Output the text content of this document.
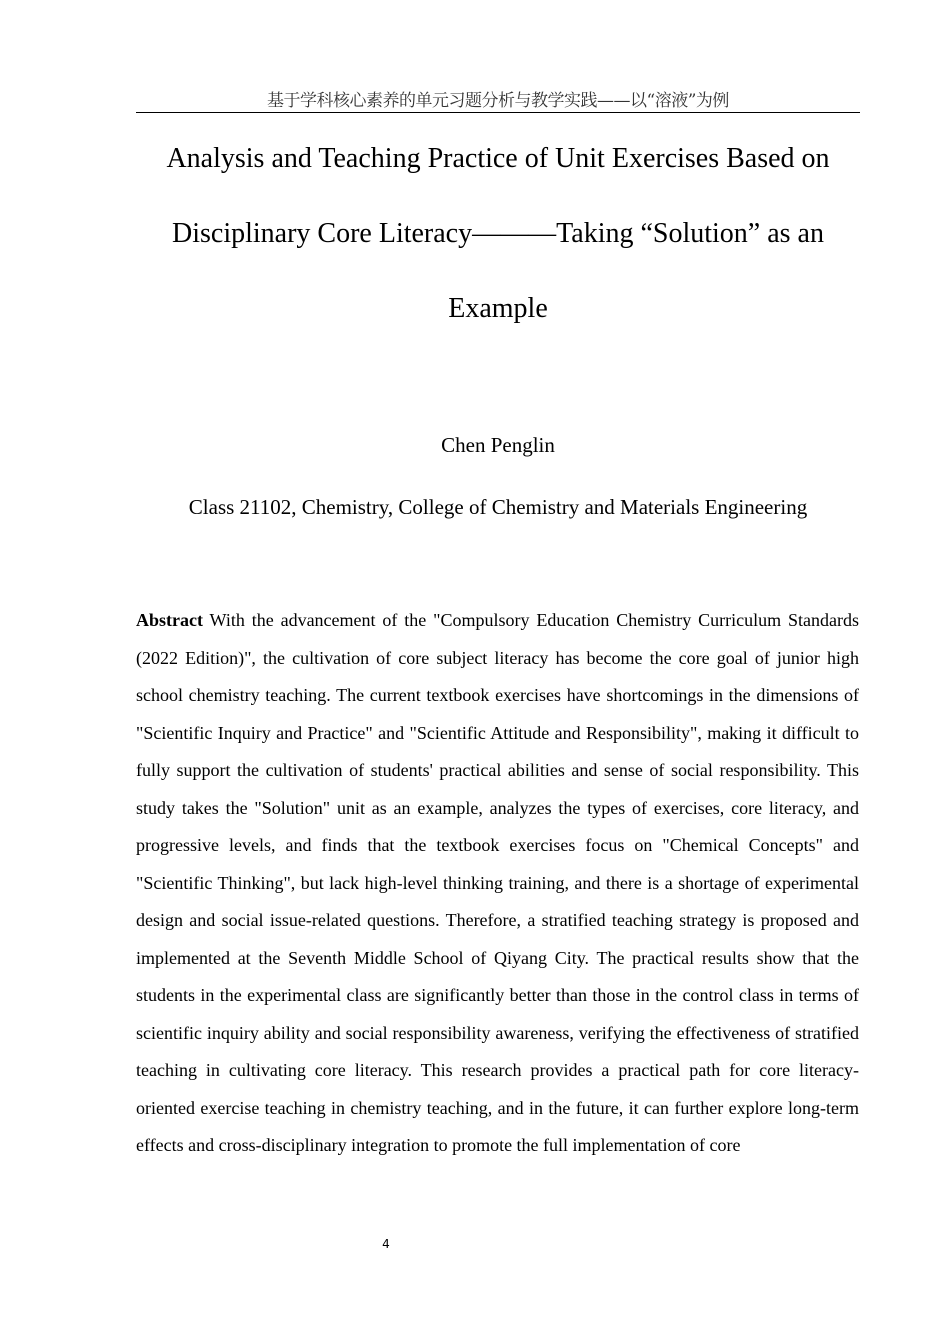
基于学科核心素养的单元习题分析与教学实践——以“溶液”为例
Analysis and Teaching Practice of Unit Exercises Based on
Disciplinary Core Literacy———Taking “Solution” as an
Example
Chen Penglin
Class 21102, Chemistry, College of Chemistry and Materials Engineering

Abstract With the advancement of the "Compulsory Education Chemistry Curriculum Standards (2022 Edition)", the cultivation of core subject literacy has become the core goal of junior high school chemistry teaching. The current textbook exercises have shortcomings in the dimensions of "Scientific Inquiry and Practice" and "Scientific Attitude and Responsibility", making it difficult to fully support the cultivation of students' practical abilities and sense of social responsibility. This study takes the "Solution" unit as an example, analyzes the types of exercises, core literacy, and progressive levels, and finds that the textbook exercises focus on "Chemical Concepts" and "Scientific Thinking", but lack high-level thinking training, and there is a shortage of experimental design and social issue-related questions. Therefore, a stratified teaching strategy is proposed and implemented at the Seventh Middle School of Qiyang City. The practical results show that the students in the experimental class are significantly better than those in the control class in terms of scientific inquiry ability and social responsibility awareness, verifying the effectiveness of stratified teaching in cultivating core literacy. This research provides a practical path for core literacy-oriented exercise teaching in chemistry teaching, and in the future, it can further explore long-term effects and cross-disciplinary integration to promote the full implementation of core

4
